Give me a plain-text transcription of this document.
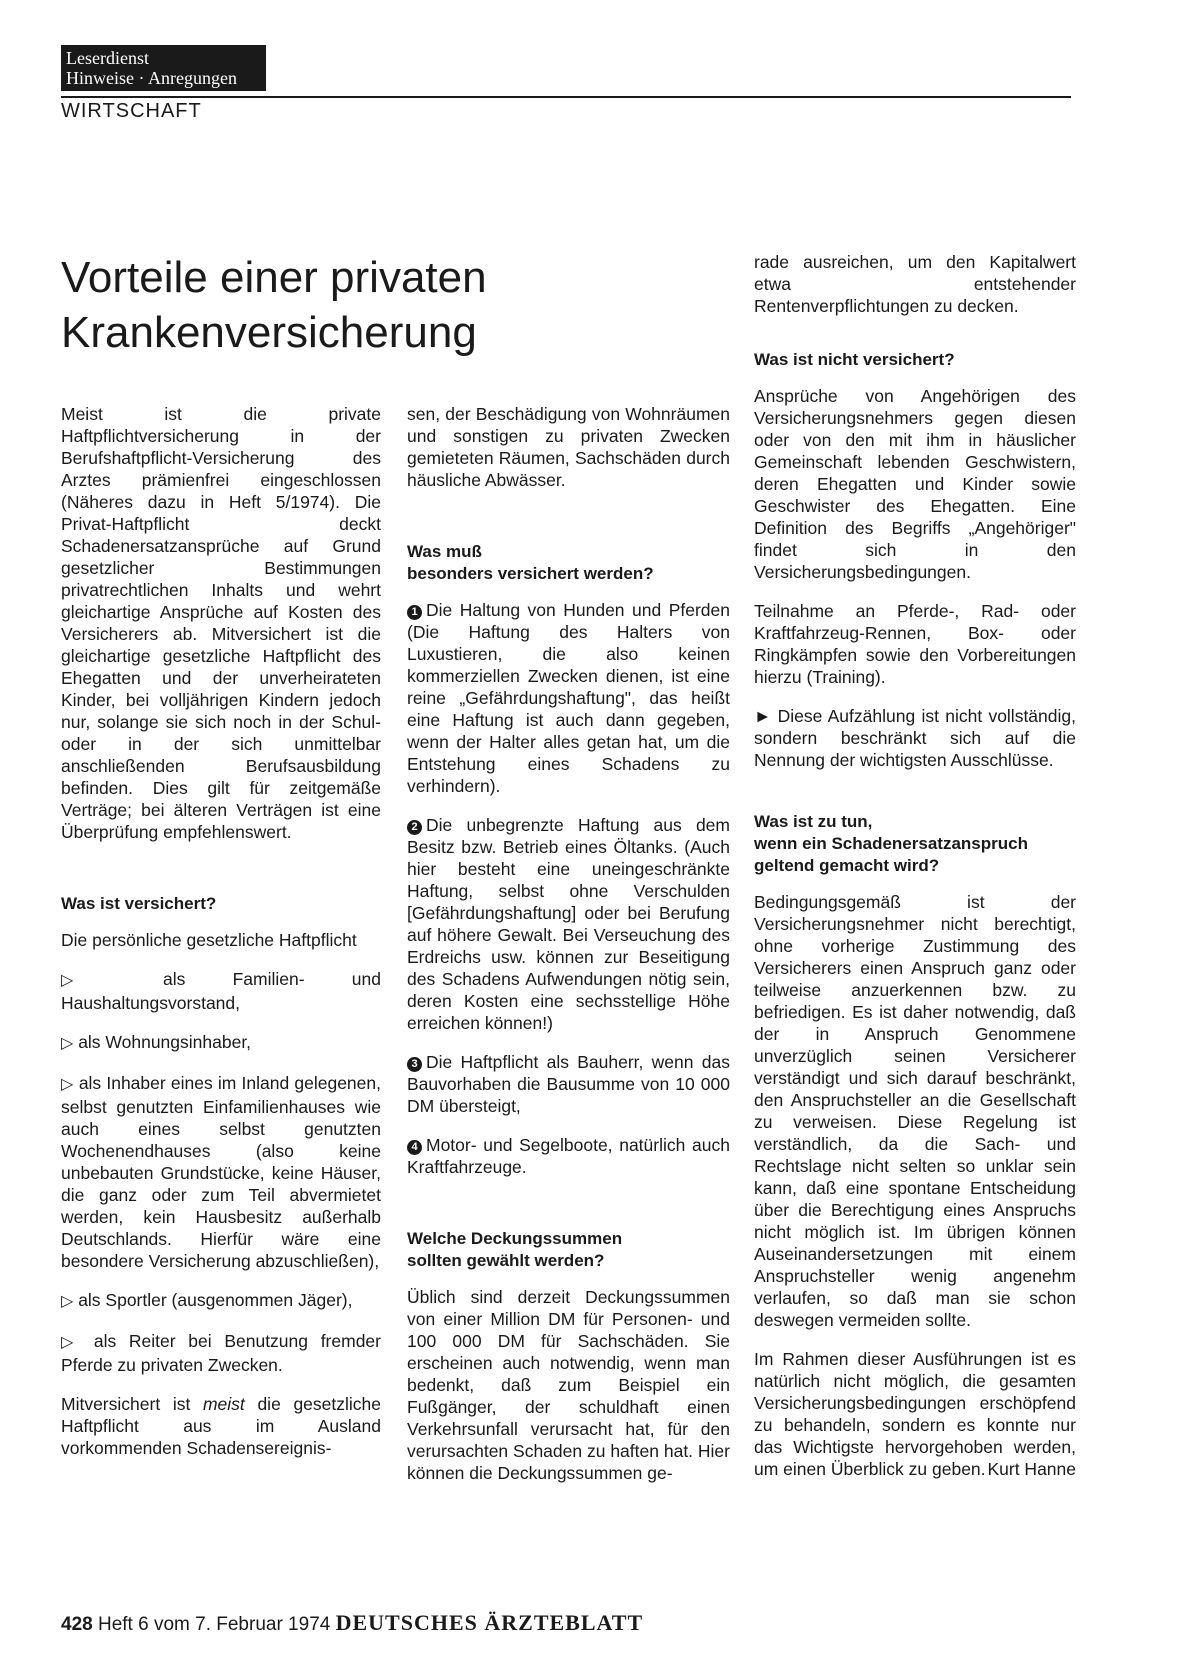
Leserdienst
Hinweise · Anregungen
WIRTSCHAFT
Vorteile einer privaten
Krankenversicherung

Meist ist die private Haftpflichtversicherung in der Berufshaftpflicht-Versicherung des Arztes prämienfrei eingeschlossen (Näheres dazu in Heft 5/1974). Die Privat-Haftpflicht deckt Schadenersatzansprüche auf Grund gesetzlicher Bestimmungen privatrechtlichen Inhalts und wehrt gleichartige Ansprüche auf Kosten des Versicherers ab. Mitversichert ist die gleichartige gesetzliche Haftpflicht des Ehegatten und der unverheirateten Kinder, bei volljährigen Kindern jedoch nur, solange sie sich noch in der Schul- oder in der sich unmittelbar anschließenden Berufsausbildung befinden. Dies gilt für zeitgemäße Verträge; bei älteren Verträgen ist eine Überprüfung empfehlenswert.

Was ist versichert?

Die persönliche gesetzliche Haftpflicht

▷	als Familien- und Haushaltungsvorstand,

▷ als Wohnungsinhaber,

▷ als Inhaber eines im Inland gelegenen, selbst genutzten Einfamilienhauses wie auch eines selbst genutzten Wochenendhauses (also keine unbebauten Grundstücke, keine Häuser, die ganz oder zum Teil abvermietet werden, kein Hausbesitz außerhalb Deutschlands. Hierfür wäre eine besondere Versicherung abzuschließen),

▷ als Sportler (ausgenommen Jäger),

▷ als Reiter bei Benutzung fremder Pferde zu privaten Zwecken.

Mitversichert ist meist die gesetzliche Haftpflicht aus im Ausland vorkommenden Schadensereignis-

sen, der Beschädigung von Wohnräumen und sonstigen zu privaten Zwecken gemieteten Räumen, Sachschäden durch häusliche Abwässer.

Was muß
besonders versichert werden?

1 Die Haltung von Hunden und Pferden (Die Haftung des Halters von Luxustieren, die also keinen kommerziellen Zwecken dienen, ist eine reine „Gefährdungshaftung", das heißt eine Haftung ist auch dann gegeben, wenn der Halter alles getan hat, um die Entstehung eines Schadens zu verhindern).

2 Die unbegrenzte Haftung aus dem Besitz bzw. Betrieb eines Öltanks. (Auch hier besteht eine uneingeschränkte Haftung, selbst ohne Verschulden [Gefährdungshaftung] oder bei Berufung auf höhere Gewalt. Bei Verseuchung des Erdreichs usw. können zur Beseitigung des Schadens Aufwendungen nötig sein, deren Kosten eine sechsstellige Höhe erreichen können!)

3 Die Haftpflicht als Bauherr, wenn das Bauvorhaben die Bausumme von 10 000 DM übersteigt,

4 Motor- und Segelboote, natürlich auch Kraftfahrzeuge.

Welche Deckungssummen
sollten gewählt werden?

Üblich sind derzeit Deckungssummen von einer Million DM für Personen- und 100 000 DM für Sachschäden. Sie erscheinen auch notwendig, wenn man bedenkt, daß zum Beispiel ein Fußgänger, der schuldhaft einen Verkehrsunfall verursacht hat, für den verursachten Schaden zu haften hat. Hier können die Deckungssummen ge-

rade ausreichen, um den Kapitalwert etwa entstehender Rentenverpflichtungen zu decken.

Was ist nicht versichert?

Ansprüche von Angehörigen des Versicherungsnehmers gegen diesen oder von den mit ihm in häuslicher Gemeinschaft lebenden Geschwistern, deren Ehegatten und Kinder sowie Geschwister des Ehegatten. Eine Definition des Begriffs „Angehöriger" findet sich in den Versicherungsbedingungen.

Teilnahme an Pferde-, Rad- oder Kraftfahrzeug-Rennen, Box- oder Ringkämpfen sowie den Vorbereitungen hierzu (Training).

► Diese Aufzählung ist nicht vollständig, sondern beschränkt sich auf die Nennung der wichtigsten Ausschlüsse.

Was ist zu tun,
wenn ein Schadenersatzanspruch
geltend gemacht wird?

Bedingungsgemäß ist der Versicherungsnehmer nicht berechtigt, ohne vorherige Zustimmung des Versicherers einen Anspruch ganz oder teilweise anzuerkennen bzw. zu befriedigen. Es ist daher notwendig, daß der in Anspruch Genommene unverzüglich seinen Versicherer verständigt und sich darauf beschränkt, den Anspruchsteller an die Gesellschaft zu verweisen. Diese Regelung ist verständlich, da die Sach- und Rechtslage nicht selten so unklar sein kann, daß eine spontane Entscheidung über die Berechtigung eines Anspruchs nicht möglich ist. Im übrigen können Auseinandersetzungen mit einem Anspruchsteller wenig angenehm verlaufen, so daß man sie schon deswegen vermeiden sollte.

Im Rahmen dieser Ausführungen ist es natürlich nicht möglich, die gesamten Versicherungsbedingungen erschöpfend zu behandeln, sondern es konnte nur das Wichtigste hervorgehoben werden, um einen Überblick zu geben. Kurt Hanne

428 Heft 6 vom 7. Februar 1974 DEUTSCHES ÄRZTEBLATT
